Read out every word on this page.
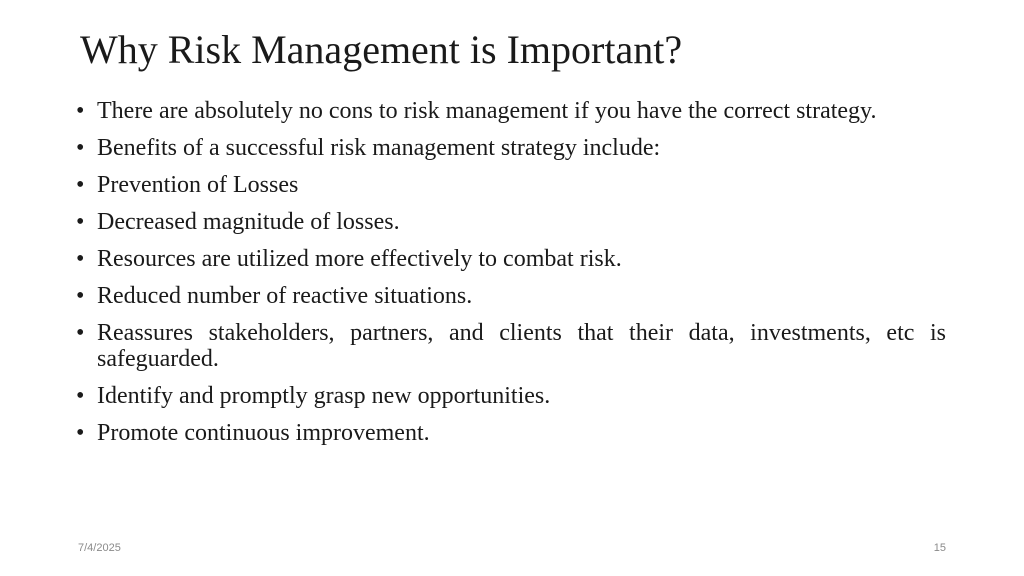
Why Risk Management is Important?
• There are absolutely no cons to risk management if you have the correct strategy.
• Benefits of a successful risk management strategy include:
• Prevention of Losses
• Decreased magnitude of losses.
• Resources are utilized more effectively to combat risk.
• Reduced number of reactive situations.
• Reassures stakeholders, partners, and clients that their data, investments, etc is safeguarded.
• Identify and promptly grasp new opportunities.
• Promote continuous improvement.
7/4/2025	15
